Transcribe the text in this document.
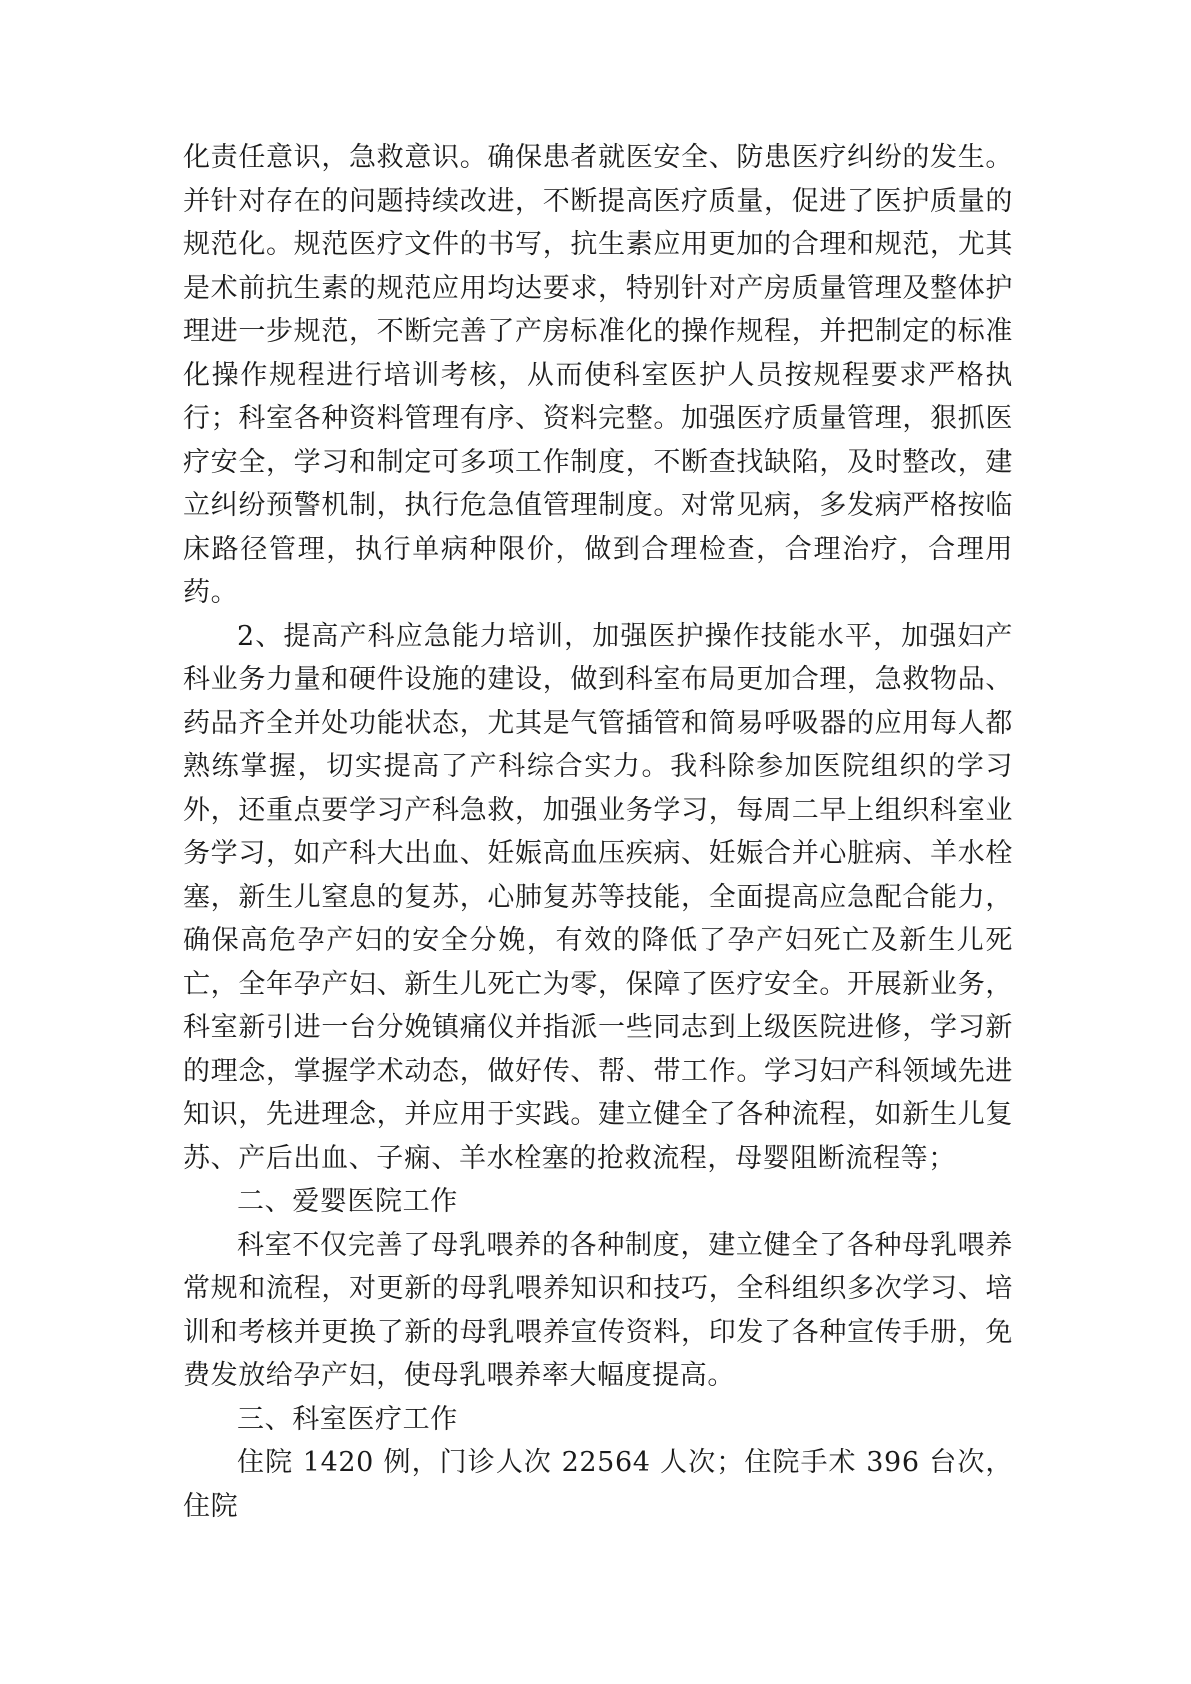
化责任意识，急救意识。确保患者就医安全、防患医疗纠纷的发生。并针对存在的问题持续改进，不断提高医疗质量，促进了医护质量的规范化。规范医疗文件的书写，抗生素应用更加的合理和规范，尤其是术前抗生素的规范应用均达要求，特别针对产房质量管理及整体护理进一步规范，不断完善了产房标准化的操作规程，并把制定的标准化操作规程进行培训考核，从而使科室医护人员按规程要求严格执行；科室各种资料管理有序、资料完整。加强医疗质量管理，狠抓医疗安全，学习和制定可多项工作制度，不断查找缺陷，及时整改，建立纠纷预警机制，执行危急值管理制度。对常见病，多发病严格按临床路径管理，执行单病种限价，做到合理检查，合理治疗，合理用药。

2、提高产科应急能力培训，加强医护操作技能水平，加强妇产科业务力量和硬件设施的建设，做到科室布局更加合理，急救物品、药品齐全并处功能状态，尤其是气管插管和简易呼吸器的应用每人都熟练掌握，切实提高了产科综合实力。我科除参加医院组织的学习外，还重点要学习产科急救，加强业务学习，每周二早上组织科室业务学习，如产科大出血、妊娠高血压疾病、妊娠合并心脏病、羊水栓塞，新生儿窒息的复苏，心肺复苏等技能，全面提高应急配合能力，确保高危孕产妇的安全分娩，有效的降低了孕产妇死亡及新生儿死亡，全年孕产妇、新生儿死亡为零，保障了医疗安全。开展新业务，科室新引进一台分娩镇痛仪并指派一些同志到上级医院进修，学习新的理念，掌握学术动态，做好传、帮、带工作。学习妇产科领域先进知识，先进理念，并应用于实践。建立健全了各种流程，如新生儿复苏、产后出血、子痫、羊水栓塞的抢救流程，母婴阻断流程等；

二、爱婴医院工作

科室不仅完善了母乳喂养的各种制度，建立健全了各种母乳喂养常规和流程，对更新的母乳喂养知识和技巧，全科组织多次学习、培训和考核并更换了新的母乳喂养宣传资料，印发了各种宣传手册，免费发放给孕产妇，使母乳喂养率大幅度提高。

三、科室医疗工作

住院 1420 例，门诊人次 22564 人次；住院手术 396 台次，住院
